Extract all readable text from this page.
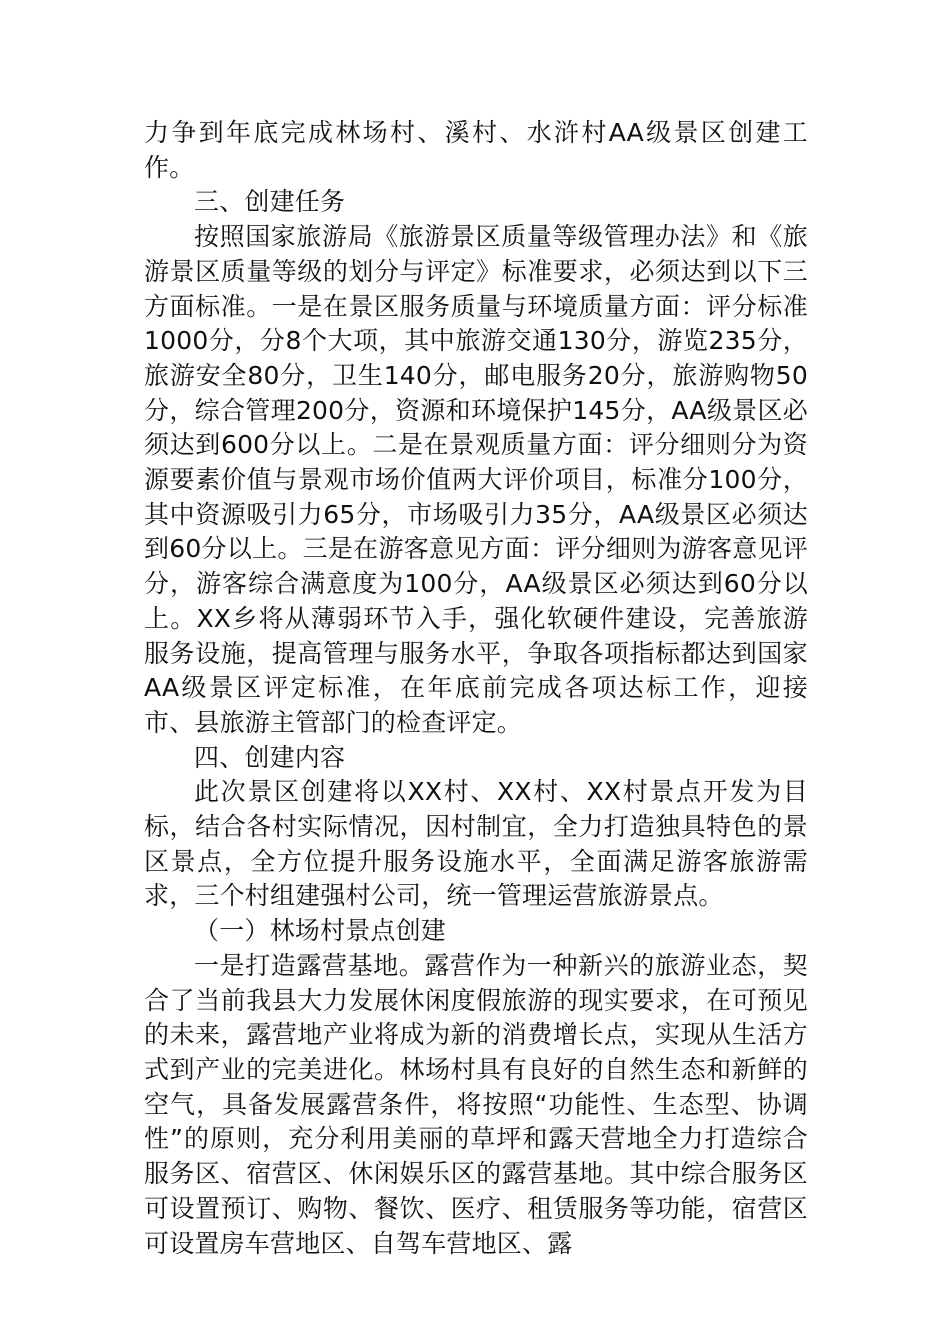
力争到年底完成林场村、溪村、水浒村AA级景区创建工作。

三、创建任务

按照国家旅游局《旅游景区质量等级管理办法》和《旅游景区质量等级的划分与评定》标准要求，必须达到以下三方面标准。一是在景区服务质量与环境质量方面：评分标准1000分，分8个大项，其中旅游交通130分，游览235分，旅游安全80分，卫生140分，邮电服务20分，旅游购物50分，综合管理200分，资源和环境保护145分，AA级景区必须达到600分以上。二是在景观质量方面：评分细则分为资源要素价值与景观市场价值两大评价项目，标准分100分，其中资源吸引力65分，市场吸引力35分，AA级景区必须达到60分以上。三是在游客意见方面：评分细则为游客意见评分，游客综合满意度为100分，AA级景区必须达到60分以上。XX乡将从薄弱环节入手，强化软硬件建设，完善旅游服务设施，提高管理与服务水平，争取各项指标都达到国家AA级景区评定标准，在年底前完成各项达标工作，迎接市、县旅游主管部门的检查评定。

四、创建内容

此次景区创建将以XX村、XX村、XX村景点开发为目标，结合各村实际情况，因村制宜，全力打造独具特色的景区景点，全方位提升服务设施水平，全面满足游客旅游需求，三个村组建强村公司，统一管理运营旅游景点。

（一）林场村景点创建

一是打造露营基地。露营作为一种新兴的旅游业态，契合了当前我县大力发展休闲度假旅游的现实要求，在可预见的未来，露营地产业将成为新的消费增长点，实现从生活方式到产业的完美进化。林场村具有良好的自然生态和新鲜的空气，具备发展露营条件，将按照“功能性、生态型、协调性”的原则，充分利用美丽的草坪和露天营地全力打造综合服务区、宿营区、休闲娱乐区的露营基地。其中综合服务区可设置预订、购物、餐饮、医疗、租赁服务等功能，宿营区可设置房车营地区、自驾车营地区、露
